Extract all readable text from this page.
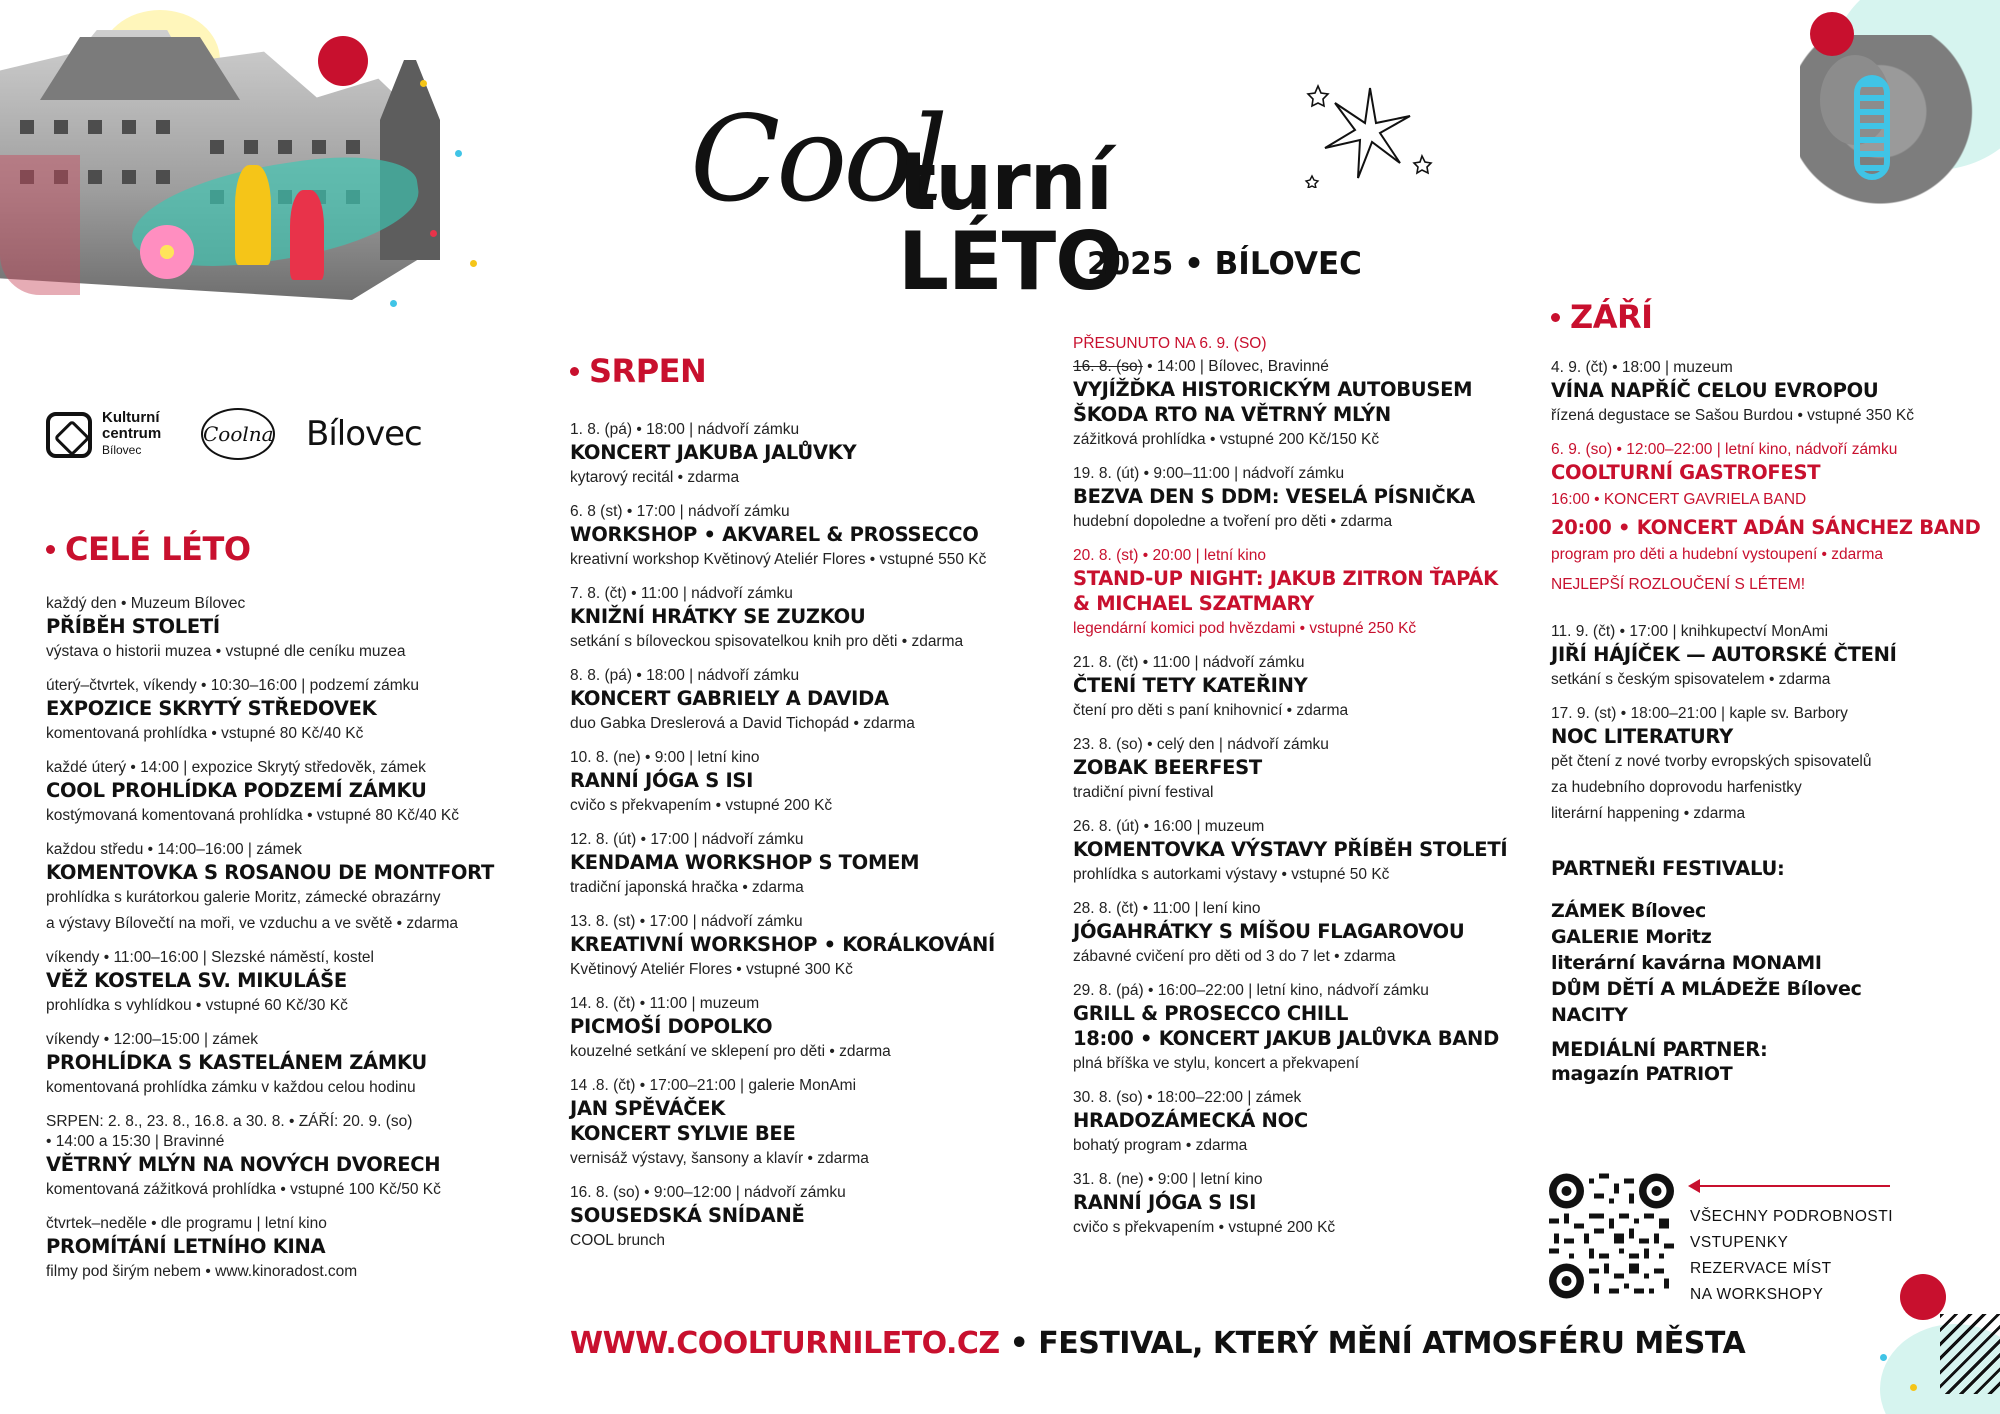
Cool
turní LÉTO
2025 • BÍLOVEC
Kulturní
centrum
Bílovec
Coolna Bílovec
CELÉ LÉTO
každý den • Muzeum Bílovec
PŘÍBĚH STOLETÍ
výstava o historii muzea • vstupné dle ceníku muzea
úterý–čtvrtek, víkendy • 10:30–16:00 | podzemí zámku
EXPOZICE SKRYTÝ STŘEDOVEK
komentovaná prohlídka • vstupné 80 Kč/40 Kč
každé úterý • 14:00 | expozice Skrytý středověk, zámek
COOL PROHLÍDKA PODZEMÍ ZÁMKU
kostýmovaná komentovaná prohlídka • vstupné 80 Kč/40 Kč
každou středu • 14:00–16:00 | zámek
KOMENTOVKA S ROSANOU DE MONTFORT
prohlídka s kurátorkou galerie Moritz, zámecké obrazárny
a výstavy Bílovečtí na moři, ve vzduchu a ve světě • zdarma
víkendy • 11:00–16:00 | Slezské náměstí, kostel
VĚŽ KOSTELA SV. MIKULÁŠE
prohlídka s vyhlídkou • vstupné 60 Kč/30 Kč
víkendy • 12:00–15:00 | zámek
PROHLÍDKA S KASTELÁNEM ZÁMKU
komentovaná prohlídka zámku v každou celou hodinu
SRPEN: 2. 8., 23. 8., 16.8. a 30. 8. • ZÁŘÍ: 20. 9. (so)
• 14:00 a 15:30 | Bravinné
VĚTRNÝ MLÝN NA NOVÝCH DVORECH
komentovaná zážitková prohlídka • vstupné 100 Kč/50 Kč
čtvrtek–neděle • dle programu | letní kino
PROMÍTÁNÍ LETNÍHO KINA
filmy pod širým nebem • www.kinoradost.com
SRPEN
1. 8. (pá) • 18:00 | nádvoří zámku
KONCERT JAKUBA JALŮVKY
kytarový recitál • zdarma
6. 8 (st) • 17:00 | nádvoří zámku
WORKSHOP • AKVAREL & PROSSECCO
kreativní workshop Květinový Ateliér Flores • vstupné 550 Kč
7. 8. (čt) • 11:00 | nádvoří zámku
KNIŽNÍ HRÁTKY SE ZUZKOU
setkání s bíloveckou spisovatelkou knih pro děti • zdarma
8. 8. (pá) • 18:00 | nádvoří zámku
KONCERT GABRIELY A DAVIDA
duo Gabka Dreslerová a David Tichopád • zdarma
10. 8. (ne) • 9:00 | letní kino
RANNÍ JÓGA S ISI
cvičo s překvapením • vstupné 200 Kč
12. 8. (út) • 17:00 | nádvoří zámku
KENDAMA WORKSHOP S TOMEM
tradiční japonská hračka • zdarma
13. 8. (st) • 17:00 | nádvoří zámku
KREATIVNÍ WORKSHOP • KORÁLKOVÁNÍ
Květinový Ateliér Flores • vstupné 300 Kč
14. 8. (čt) • 11:00 | muzeum
PICMOŠÍ DOPOLKO
kouzelné setkání ve sklepení pro děti • zdarma
14 .8. (čt) • 17:00–21:00 | galerie MonAmi
JAN SPĚVÁČEK
KONCERT SYLVIE BEE
vernisáž výstavy, šansony a klavír • zdarma
16. 8. (so) • 9:00–12:00 | nádvoří zámku
SOUSEDSKÁ SNÍDANĚ
COOL brunch
PŘESUNUTO NA 6. 9. (SO)
16. 8. (so) • 14:00 | Bílovec, Bravinné
VYJÍŽĎKA HISTORICKÝM AUTOBUSEM
ŠKODA RTO NA VĚTRNÝ MLÝN
zážitková prohlídka • vstupné 200 Kč/150 Kč
19. 8. (út) • 9:00–11:00 | nádvoří zámku
BEZVA DEN S DDM: VESELÁ PÍSNIČKA
hudební dopoledne a tvoření pro děti • zdarma
20. 8. (st) • 20:00 | letní kino
STAND-UP NIGHT: JAKUB ZITRON ŤAPÁK
& MICHAEL SZATMARY
legendární komici pod hvězdami • vstupné 250 Kč
21. 8. (čt) • 11:00 | nádvoří zámku
ČTENÍ TETY KATEŘINY
čtení pro děti s paní knihovnicí • zdarma
23. 8. (so) • celý den | nádvoří zámku
ZOBAK BEERFEST
tradiční pivní festival
26. 8. (út) • 16:00 | muzeum
KOMENTOVKA VÝSTAVY PŘÍBĚH STOLETÍ
prohlídka s autorkami výstavy • vstupné 50 Kč
28. 8. (čt) • 11:00 | lení kino
JÓGAHRÁTKY S MÍŠOU FLAGAROVOU
zábavné cvičení pro děti od 3 do 7 let • zdarma
29. 8. (pá) • 16:00–22:00 | letní kino, nádvoří zámku
GRILL & PROSECCO CHILL
18:00 • KONCERT JAKUB JALŮVKA BAND
plná bříška ve stylu, koncert a překvapení
30. 8. (so) • 18:00–22:00 | zámek
HRADOZÁMECKÁ NOC
bohatý program • zdarma
31. 8. (ne) • 9:00 | letní kino
RANNÍ JÓGA S ISI
cvičo s překvapením • vstupné 200 Kč
ZÁŘÍ
4. 9. (čt) • 18:00 | muzeum
VÍNA NAPŘÍČ CELOU EVROPOU
řízená degustace se Sašou Burdou • vstupné 350 Kč
6. 9. (so) • 12:00–22:00 | letní kino, nádvoří zámku
COOLTURNÍ GASTROFEST
16:00 • KONCERT GAVRIELA BAND
20:00 • KONCERT ADÁN SÁNCHEZ BAND
program pro děti a hudební vystoupení • zdarma
NEJLEPŠÍ ROZLOUČENÍ S LÉTEM!
11. 9. (čt) • 17:00 | knihkupectví MonAmi
JIŘÍ HÁJÍČEK — AUTORSKÉ ČTENÍ
setkání s českým spisovatelem • zdarma
17. 9. (st) • 18:00–21:00 | kaple sv. Barbory
NOC LITERATURY
pět čtení z nové tvorby evropských spisovatelů
za hudebního doprovodu harfenistky
literární happening • zdarma
PARTNEŘI FESTIVALU:
ZÁMEK Bílovec
GALERIE Moritz
literární kavárna MONAMI
DŮM DĚTÍ A MLÁDEŽE Bílovec
NACITY
MEDIÁLNÍ PARTNER:
magazín PATRIOT
VŠECHNY PODROBNOSTI
VSTUPENKY
REZERVACE MÍST
NA WORKSHOPY
WWW.COOLTURNILETO.CZ • FESTIVAL, KTERÝ MĚNÍ ATMOSFÉRU MĚSTA
